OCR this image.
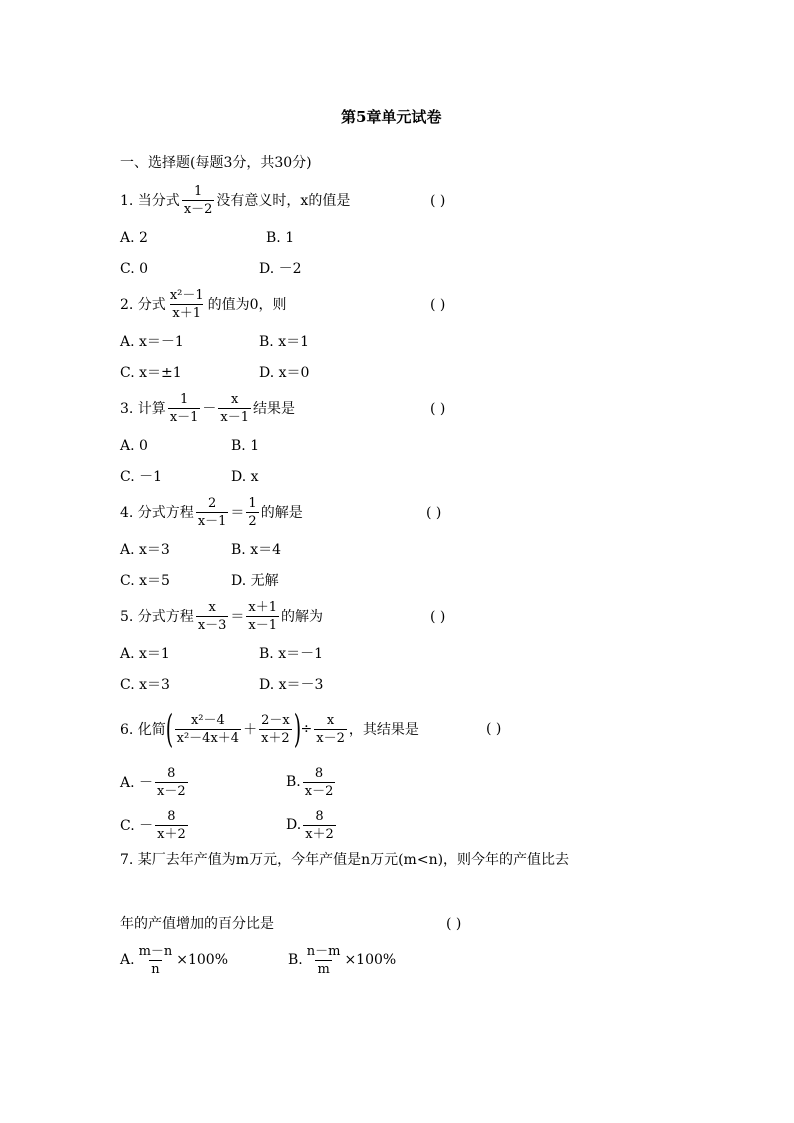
第5章单元试卷
一、选择题(每题3分，共30分)
1. 当分式
1
x－2 没有意义时，x的值是	( )
A. 2	B. 1
C. 0	D. －2
2. 分式
x²－1
x＋1 的值为0，则	( )
A. x＝－1	B. x＝1
C. x＝±1	D. x＝0
3. 计算
1
x－1 －
x
x－1 结果是	( )
A. 0	B. 1
C. －1	D. x
4. 分式方程
2
x－1 ＝
1
2 的解是	( )
A. x＝3	B. x＝4
C. x＝5	D. 无解
5. 分式方程
x
x－3 ＝
x＋1
x－1 的解为	( )
A. x＝1	B. x＝－1
C. x＝3	D. x＝－3
6. 化简 ( x²－4
x²－4x＋4 ＋
2－x
x＋2 ) ÷ $\frac{x}{x-2}$ ，其结果是	( )
A. －
8
x－2
B.
8
x－2
C. －
8
x＋2
D.
8
x＋2
7. 某厂去年产值为m万元，今年产值是n万元(m<n)，则今年的产值比去
年的产值增加的百分比是	( )
A. $\frac{m-n}{n} \times 100\%$	B. $\frac{n-m}{m} \times 100\%$
